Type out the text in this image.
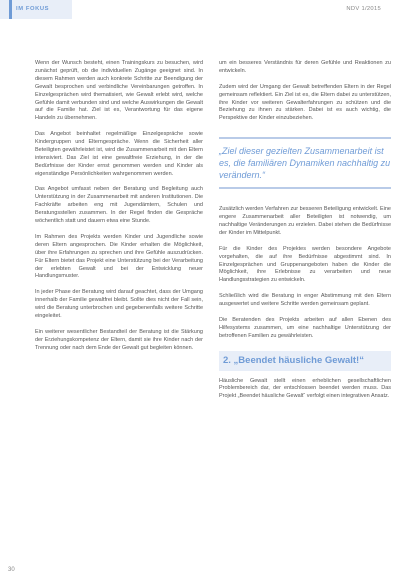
IM FOKUS	NDV 1/2015

Wenn der Wunsch besteht, einen Trainingskurs zu besuchen, wird zunächst geprüft, ob die individuellen Zugänge geeignet sind. In diesem Rahmen werden auch konkrete Schritte zur Beendigung der Gewalt besprochen und verbindliche Vereinbarungen getroffen. In Einzelgesprächen wird thematisiert, wie Gewalt erlebt wird, welche Gefühle damit verbunden sind und welche Auswirkungen die Gewalt auf die Familie hat. Ziel ist es, Verantwortung für das eigene Handeln zu übernehmen.

Das Angebot beinhaltet regelmäßige Einzelgespräche sowie Kindergruppen und Elterngespräche. Wenn die Sicherheit aller Beteiligten gewährleistet ist, wird die Zusammenarbeit mit den Eltern intensiviert. Das Ziel ist eine gewaltfreie Erziehung, in der die Bedürfnisse der Kinder ernst genommen werden und Kinder als eigenständige Persönlichkeiten wahrgenommen werden.

Das Angebot umfasst neben der Beratung und Begleitung auch Unterstützung in der Zusammenarbeit mit anderen Institutionen. Die Fachkräfte arbeiten eng mit Jugendämtern, Schulen und Beratungsstellen zusammen. In der Regel finden die Gespräche wöchentlich statt und dauern etwa eine Stunde.

Im Rahmen des Projekts werden Kinder und Jugendliche sowie deren Eltern angesprochen. Die Kinder erhalten die Möglichkeit, über ihre Erfahrungen zu sprechen und ihre Gefühle auszudrücken. Für Eltern bietet das Projekt eine Unterstützung bei der Verarbeitung der erlebten Gewalt und bei der Entwicklung neuer Handlungsmuster.

In jeder Phase der Beratung wird darauf geachtet, dass der Umgang innerhalb der Familie gewaltfrei bleibt. Sollte dies nicht der Fall sein, wird die Beratung unterbrochen und gegebenenfalls weitere Schritte eingeleitet.

Ein weiterer wesentlicher Bestandteil der Beratung ist die Stärkung der Erziehungskompetenz der Eltern, damit sie ihre Kinder nach der Trennung oder nach dem Ende der Gewalt gut begleiten können.

um ein besseres Verständnis für deren Gefühle und Reaktionen zu entwickeln.

Zudem wird der Umgang der Gewalt betreffenden Eltern in der Regel gemeinsam reflektiert. Ein Ziel ist es, die Eltern dabei zu unterstützen, ihre Kinder vor weiteren Gewalterfahrungen zu schützen und die Beziehung zu ihnen zu stärken. Dabei ist es auch wichtig, die Perspektive der Kinder einzubeziehen.

„Ziel dieser gezielten Zusammenarbeit ist es, die familiären Dynamiken nachhaltig zu verändern.“

Zusätzlich werden Verfahren zur besseren Beteiligung entwickelt. Eine engere Zusammenarbeit aller Beteiligten ist notwendig, um nachhaltige Veränderungen zu erzielen. Dabei stehen die Bedürfnisse der Kinder im Mittelpunkt.

Für die Kinder des Projektes werden besondere Angebote vorgehalten, die auf ihre Bedürfnisse abgestimmt sind. In Einzelgesprächen und Gruppenangeboten haben die Kinder die Möglichkeit, ihre Erlebnisse zu verarbeiten und neue Handlungsstrategien zu entwickeln.

Schließlich wird die Beratung in enger Abstimmung mit den Eltern ausgewertet und weitere Schritte werden gemeinsam geplant.

Die Beratenden des Projekts arbeiten auf allen Ebenen des Hilfesystems zusammen, um eine nachhaltige Unterstützung der betroffenen Familien zu gewährleisten.

2. „Beendet häusliche Gewalt!“

Häusliche Gewalt stellt einen erheblichen gesellschaftlichen Problembereich dar, der entschlossen beendet werden muss. Das Projekt „Beendet häusliche Gewalt“ verfolgt einen integrativen Ansatz.

30
